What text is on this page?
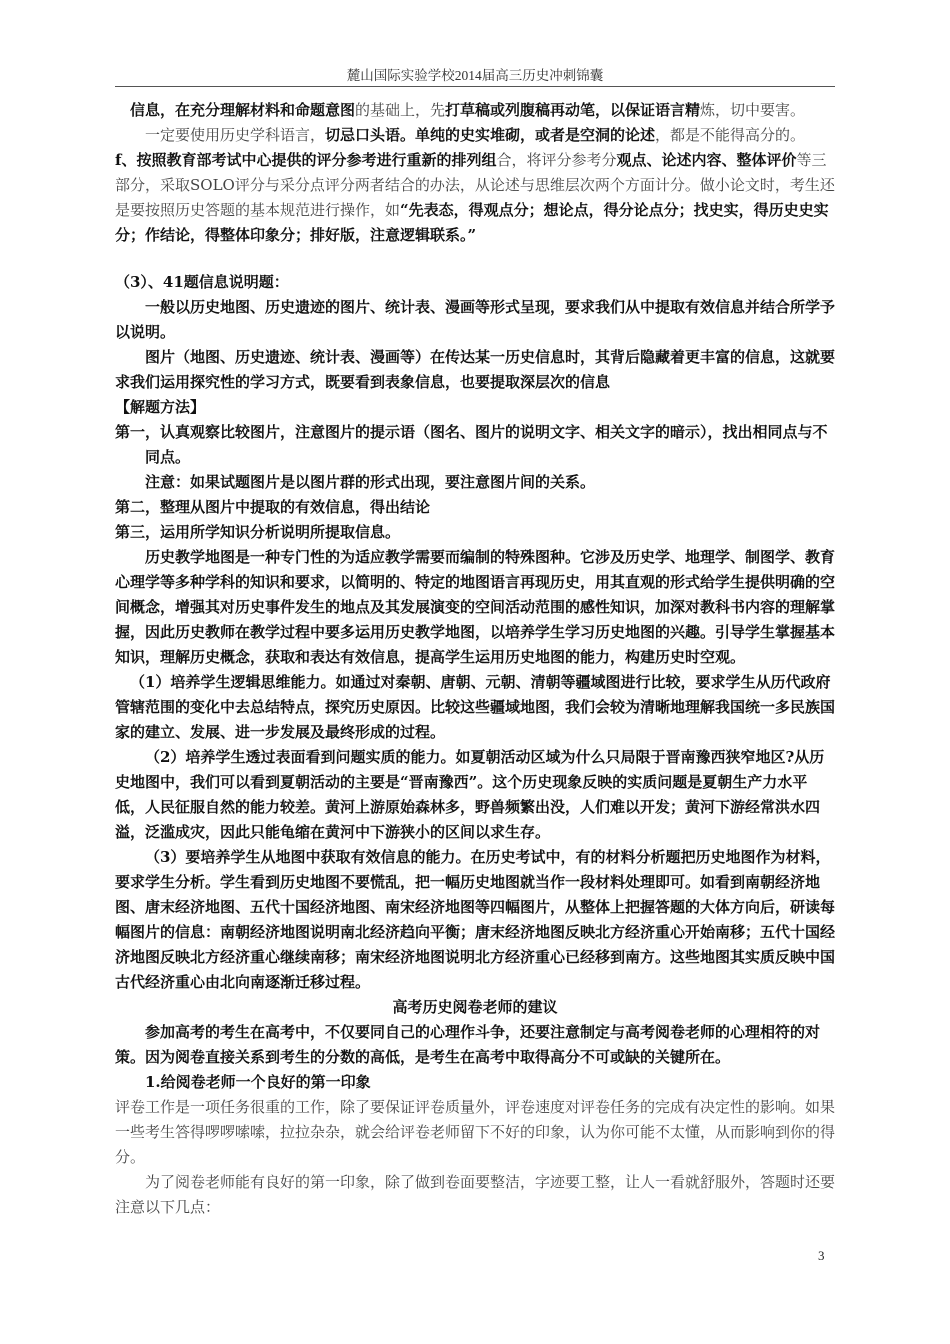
麓山国际实验学校2014届高三历史冲刺锦囊

信息，在充分理解材料和命题意图的基础上，先打草稿或列腹稿再动笔，以保证语言精炼，切中要害。

一定要使用历史学科语言，切忌口头语。单纯的史实堆砌，或者是空洞的论述，都是不能得高分的。

f、按照教育部考试中心提供的评分参考进行重新的排列组合，将评分参考分观点、论述内容、整体评价等三部分，采取SOLO评分与采分点评分两者结合的办法，从论述与思维层次两个方面计分。做小论文时，考生还是要按照历史答题的基本规范进行操作，如“先表态，得观点分；想论点，得分论点分；找史实，得历史史实分；作结论，得整体印象分；排好版，注意逻辑联系。”

（3）、41题信息说明题：

一般以历史地图、历史遗迹的图片、统计表、漫画等形式呈现，要求我们从中提取有效信息并结合所学予以说明。

图片（地图、历史遗迹、统计表、漫画等）在传达某一历史信息时，其背后隐藏着更丰富的信息，这就要求我们运用探究性的学习方式，既要看到表象信息，也要提取深层次的信息

【解题方法】

第一，认真观察比较图片，注意图片的提示语（图名、图片的说明文字、相关文字的暗示），找出相同点与不同点。

注意：如果试题图片是以图片群的形式出现，要注意图片间的关系。

第二，整理从图片中提取的有效信息，得出结论

第三，运用所学知识分析说明所提取信息。

历史教学地图是一种专门性的为适应教学需要而编制的特殊图种。它涉及历史学、地理学、制图学、教育心理学等多种学科的知识和要求，以简明的、特定的地图语言再现历史，用其直观的形式给学生提供明确的空间概念，增强其对历史事件发生的地点及其发展演变的空间活动范围的感性知识，加深对教科书内容的理解掌握，因此历史教师在教学过程中要多运用历史教学地图，以培养学生学习历史地图的兴趣。引导学生掌握基本知识，理解历史概念，获取和表达有效信息，提高学生运用历史地图的能力，构建历史时空观。

（1）培养学生逻辑思维能力。如通过对秦朝、唐朝、元朝、清朝等疆域图进行比较，要求学生从历代政府管辖范围的变化中去总结特点，探究历史原因。比较这些疆域地图，我们会较为清晰地理解我国统一多民族国家的建立、发展、进一步发展及最终形成的过程。

（2）培养学生透过表面看到问题实质的能力。如夏朝活动区域为什么只局限于晋南豫西狭窄地区?从历史地图中，我们可以看到夏朝活动的主要是“晋南豫西”。这个历史现象反映的实质问题是夏朝生产力水平低，人民征服自然的能力较差。黄河上游原始森林多，野兽频繁出没，人们难以开发；黄河下游经常洪水四溢，泛滥成灾，因此只能龟缩在黄河中下游狭小的区间以求生存。

（3）要培养学生从地图中获取有效信息的能力。在历史考试中，有的材料分析题把历史地图作为材料，要求学生分析。学生看到历史地图不要慌乱，把一幅历史地图就当作一段材料处理即可。如看到南朝经济地图、唐末经济地图、五代十国经济地图、南宋经济地图等四幅图片，从整体上把握答题的大体方向后，研读每幅图片的信息：南朝经济地图说明南北经济趋向平衡；唐末经济地图反映北方经济重心开始南移；五代十国经济地图反映北方经济重心继续南移；南宋经济地图说明北方经济重心已经移到南方。这些地图其实质反映中国古代经济重心由北向南逐渐迁移过程。

高考历史阅卷老师的建议

参加高考的考生在高考中，不仅要同自己的心理作斗争，还要注意制定与高考阅卷老师的心理相符的对策。因为阅卷直接关系到考生的分数的高低，是考生在高考中取得高分不可或缺的关键所在。

1.给阅卷老师一个良好的第一印象

评卷工作是一项任务很重的工作，除了要保证评卷质量外，评卷速度对评卷任务的完成有决定性的影响。如果一些考生答得啰啰嗦嗦，拉拉杂杂，就会给评卷老师留下不好的印象，认为你可能不太懂，从而影响到你的得分。

为了阅卷老师能有良好的第一印象，除了做到卷面要整洁，字迹要工整，让人一看就舒服外，答题时还要注意以下几点：

3
